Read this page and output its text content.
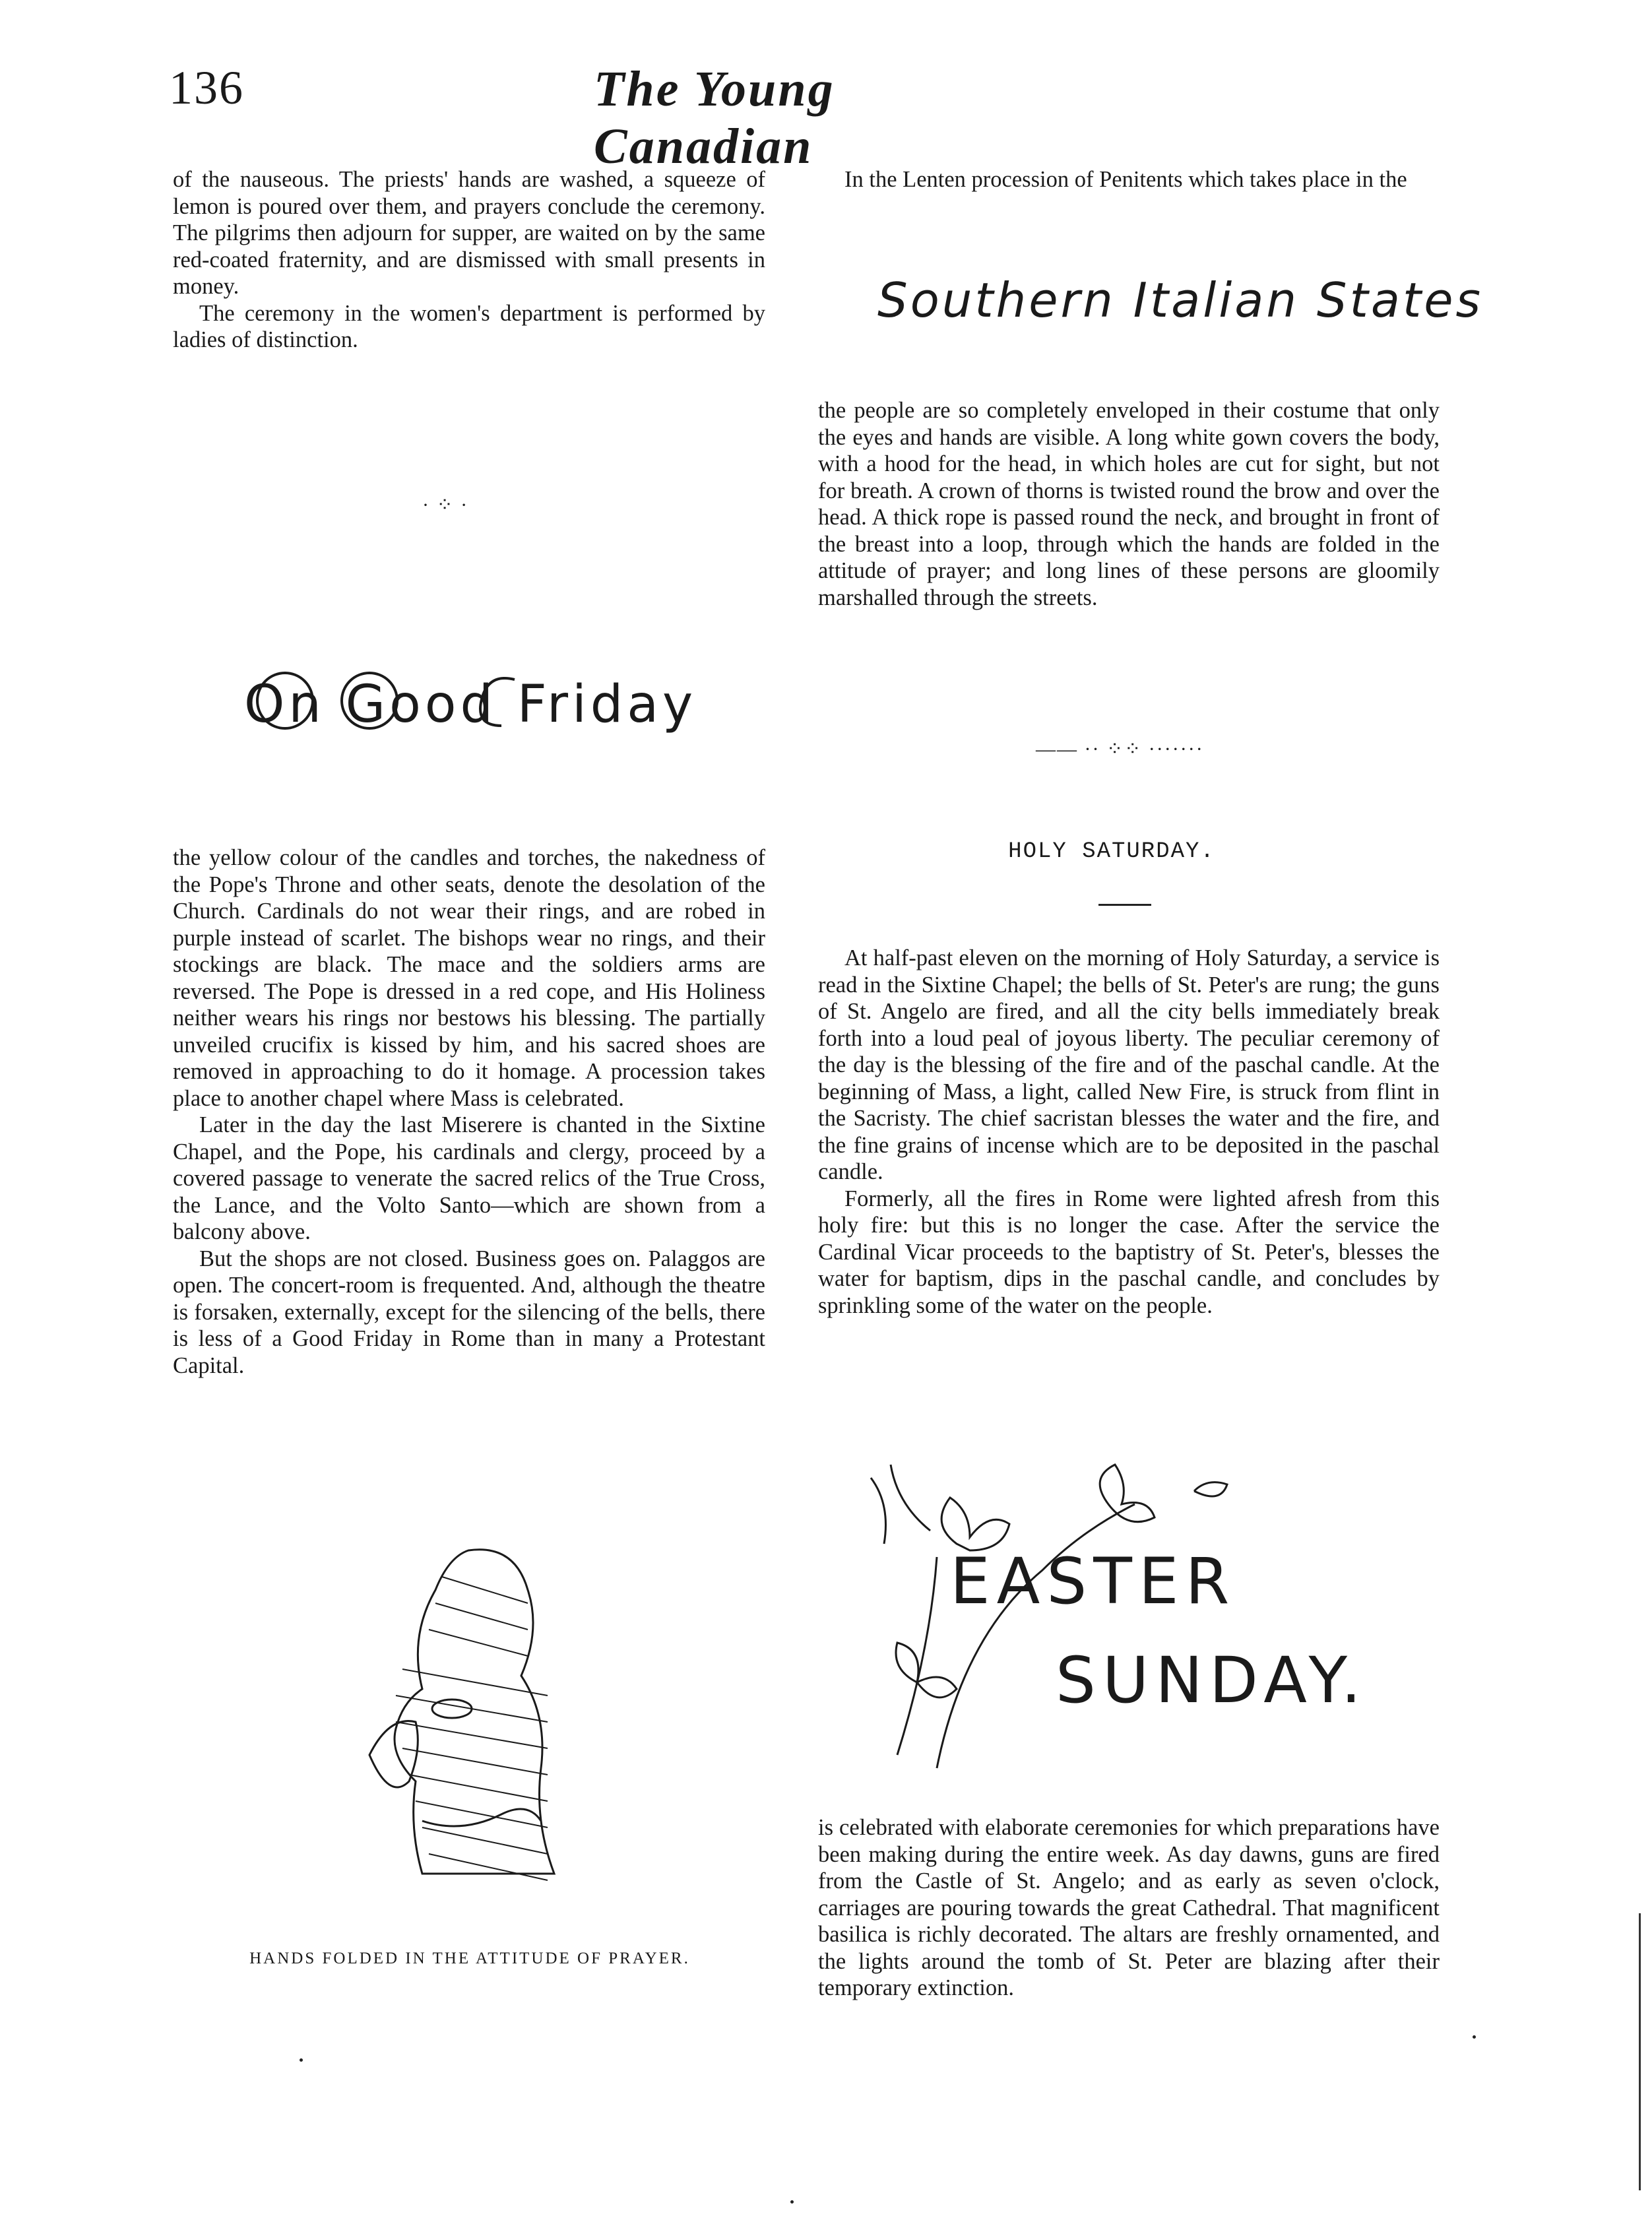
136	The Young Canadian

of the nauseous. The priests' hands are washed, a squeeze of lemon is poured over them, and prayers conclude the ceremony. The pilgrims then adjourn for supper, are waited on by the same red-coated fraternity, and are dismissed with small presents in money.

The ceremony in the women's department is performed by ladies of distinction.

· ⁘ ·
On Good Friday

the yellow colour of the candles and torches, the nakedness of the Pope's Throne and other seats, denote the desolation of the Church. Cardinals do not wear their rings, and are robed in purple instead of scarlet. The bishops wear no rings, and their stockings are black. The mace and the soldiers arms are reversed. The Pope is dressed in a red cope, and His Holiness neither wears his rings nor bestows his blessing. The partially unveiled crucifix is kissed by him, and his sacred shoes are removed in approaching to do it homage. A procession takes place to another chapel where Mass is celebrated.

Later in the day the last Miserere is chanted in the Sixtine Chapel, and the Pope, his cardinals and clergy, proceed by a covered passage to venerate the sacred relics of the True Cross, the Lance, and the Volto Santo—which are shown from a balcony above.

But the shops are not closed. Business goes on. Palaggos are open. The concert-room is frequented. And, although the theatre is forsaken, externally, except for the silencing of the bells, there is less of a Good Friday in Rome than in many a Protestant Capital.

HANDS FOLDED IN THE ATTITUDE OF PRAYER.

In the Lenten procession of Penitents which takes place in the

Southern Italian States

the people are so completely enveloped in their costume that only the eyes and hands are visible. A long white gown covers the body, with a hood for the head, in which holes are cut for sight, but not for breath. A crown of thorns is twisted round the brow and over the head. A thick rope is passed round the neck, and brought in front of the breast into a loop, through which the hands are folded in the attitude of prayer; and long lines of these persons are gloomily marshalled through the streets.

—— ·· ⁘⁘ ·······
HOLY SATURDAY.

At half-past eleven on the morning of Holy Saturday, a service is read in the Sixtine Chapel; the bells of St. Peter's are rung; the guns of St. Angelo are fired, and all the city bells immediately break forth into a loud peal of joyous liberty. The peculiar ceremony of the day is the blessing of the fire and of the paschal candle. At the beginning of Mass, a light, called New Fire, is struck from flint in the Sacristy. The chief sacristan blesses the water and the fire, and the fine grains of incense which are to be deposited in the paschal candle.

Formerly, all the fires in Rome were lighted afresh from this holy fire: but this is no longer the case. After the service the Cardinal Vicar proceeds to the baptistry of St. Peter's, blesses the water for baptism, dips in the paschal candle, and concludes by sprinkling some of the water on the people.

EASTER
SUNDAY.

is celebrated with elaborate ceremonies for which preparations have been making during the entire week. As day dawns, guns are fired from the Castle of St. Angelo; and as early as seven o'clock, carriages are pouring towards the great Cathedral. That magnificent basilica is richly decorated. The altars are freshly ornamented, and the lights around the tomb of St. Peter are blazing after their temporary extinction.
